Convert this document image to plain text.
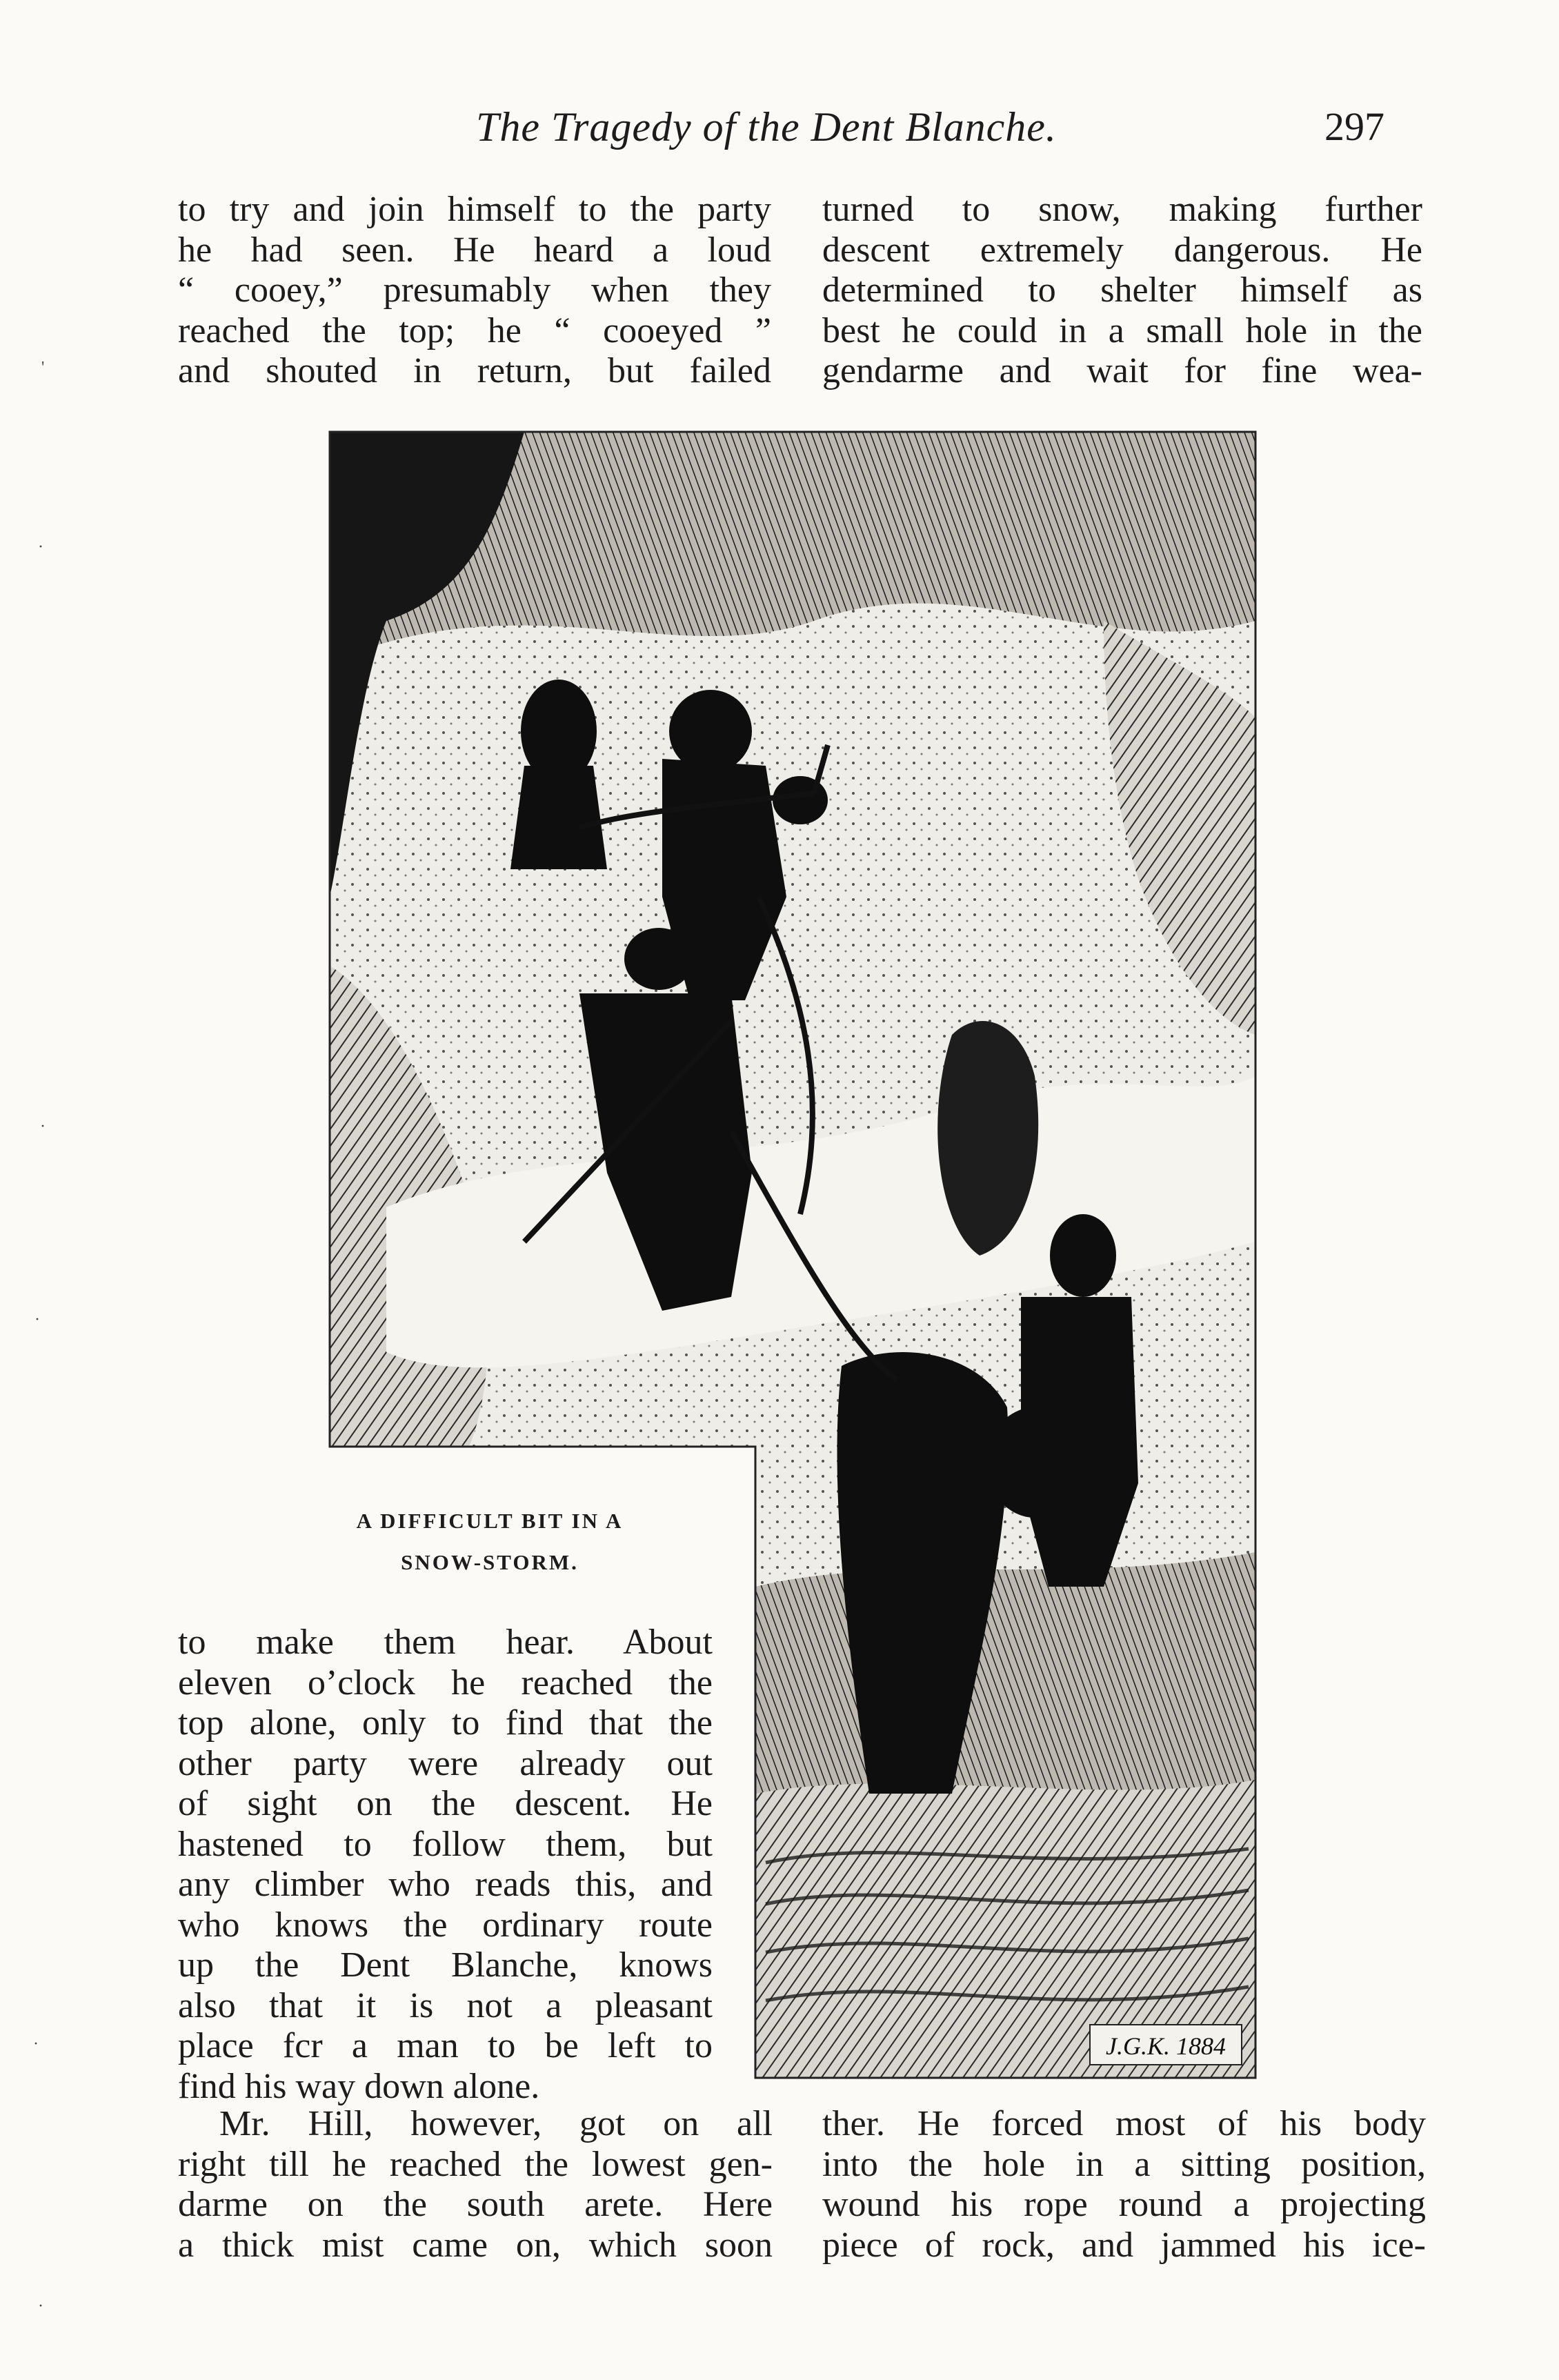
The Tragedy of the Dent Blanche.	297
to try and join himself to the party
he had seen. He heard a loud
“ cooey,” presumably when they
reached the top; he “ cooeyed ”
and shouted in return, but failed
turned to snow, making further
descent extremely dangerous. He
determined to shelter himself as
best he could in a small hole in the
gendarme and wait for fine wea-
J.G.K. 1884
A DIFFICULT BIT IN A
SNOW-STORM.
to make them hear. About
eleven o’clock he reached the
top alone, only to find that the
other party were already out
of sight on the descent. He
hastened to follow them, but
any climber who reads this, and
who knows the ordinary route
up the Dent Blanche, knows
also that it is not a pleasant
place fcr a man to be left to
find his way down alone.
Mr. Hill, however, got on all
right till he reached the lowest gen-
darme on the south arete. Here
a thick mist came on, which soon
ther. He forced most of his body
into the hole in a sitting position,
wound his rope round a projecting
piece of rock, and jammed his ice-
'
·
·
·
·
·
